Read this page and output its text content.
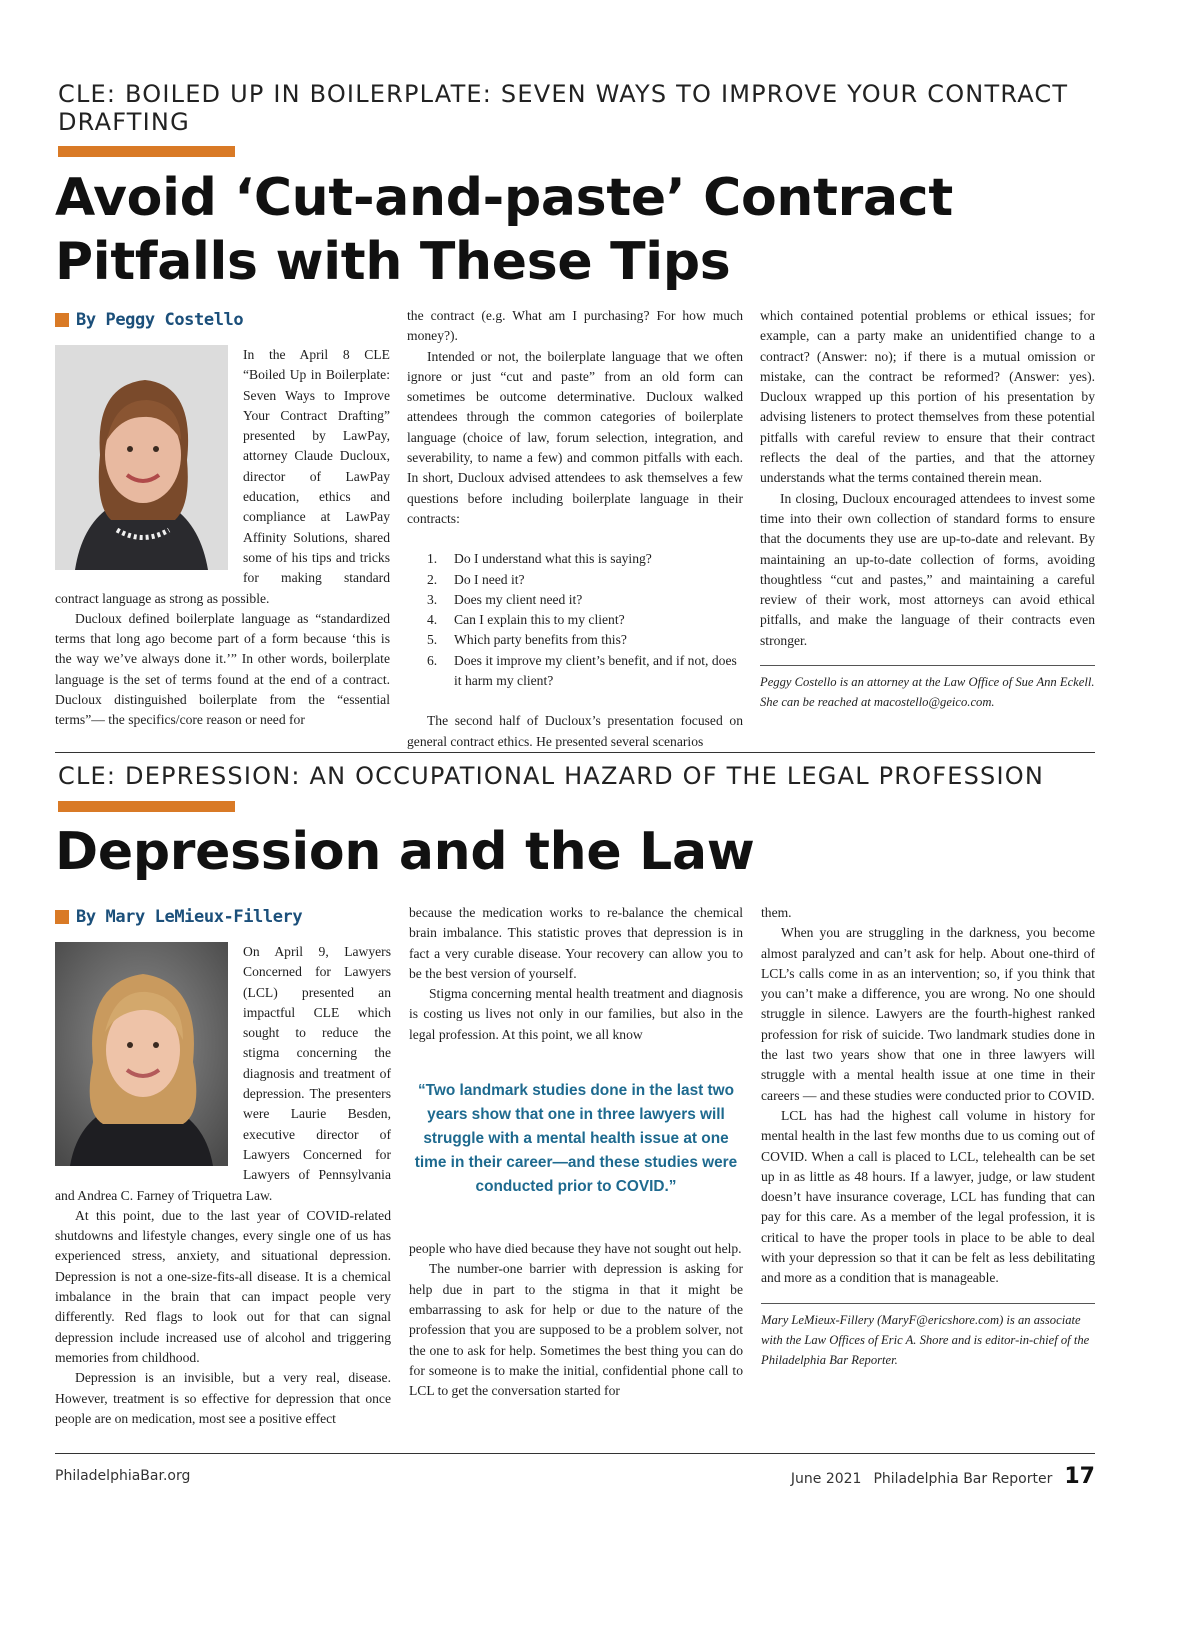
CLE: BOILED UP IN BOILERPLATE: SEVEN WAYS TO IMPROVE YOUR CONTRACT DRAFTING
Avoid ‘Cut-and-paste’ Contract Pitfalls with These Tips
By Peggy Costello

In the April 8 CLE “Boiled Up in Boilerplate: Seven Ways to Improve Your Contract Drafting” presented by LawPay, attorney Claude Ducloux, director of LawPay education, ethics and compliance at LawPay Affinity Solutions, shared some of his tips and tricks for making standard contract language as strong as possible.

Ducloux defined boilerplate language as “standardized terms that long ago become part of a form because ‘this is the way we’ve always done it.’” In other words, boilerplate language is the set of terms found at the end of a contract. Ducloux distinguished boilerplate from the “essential terms”— the specifics/core reason or need for

the contract (e.g. What am I purchasing? For how much money?).

Intended or not, the boilerplate language that we often ignore or just “cut and paste” from an old form can sometimes be outcome determinative. Ducloux walked attendees through the common categories of boilerplate language (choice of law, forum selection, integration, and severability, to name a few) and common pitfalls with each. In short, Ducloux advised attendees to ask themselves a few questions before including boilerplate language in their contracts:

1.	Do I understand what this is saying?
2.	Do I need it?
3.	Does my client need it?
4.	Can I explain this to my client?
5.	Which party benefits from this?
6.	Does it improve my client’s benefit, and if not, does it harm my client?

The second half of Ducloux’s presentation focused on general contract ethics. He presented several scenarios

which contained potential problems or ethical issues; for example, can a party make an unidentified change to a contract? (Answer: no); if there is a mutual omission or mistake, can the contract be reformed? (Answer: yes). Ducloux wrapped up this portion of his presentation by advising listeners to protect themselves from these potential pitfalls with careful review to ensure that their contract reflects the deal of the parties, and that the attorney understands what the terms contained therein mean.

In closing, Ducloux encouraged attendees to invest some time into their own collection of standard forms to ensure that the documents they use are up-to-date and relevant. By maintaining an up-to-date collection of forms, avoiding thoughtless “cut and pastes,” and maintaining a careful review of their work, most attorneys can avoid ethical pitfalls, and make the language of their contracts even stronger.

Peggy Costello is an attorney at the Law Office of Sue Ann Eckell. She can be reached at macostello@geico.com.
CLE: DEPRESSION: AN OCCUPATIONAL HAZARD OF THE LEGAL PROFESSION
Depression and the Law
By Mary LeMieux-Fillery

On April 9, Lawyers Concerned for Lawyers (LCL) presented an impactful CLE which sought to reduce the stigma concerning the diagnosis and treatment of depression. The presenters were Laurie Besden, executive director of Lawyers Concerned for Lawyers of Pennsylvania and Andrea C. Farney of Triquetra Law.

At this point, due to the last year of COVID-related shutdowns and lifestyle changes, every single one of us has experienced stress, anxiety, and situational depression. Depression is not a one-size-fits-all disease. It is a chemical imbalance in the brain that can impact people very differently. Red flags to look out for that can signal depression include increased use of alcohol and triggering memories from childhood.

Depression is an invisible, but a very real, disease. However, treatment is so effective for depression that once people are on medication, most see a positive effect

because the medication works to re-balance the chemical brain imbalance. This statistic proves that depression is in fact a very curable disease. Your recovery can allow you to be the best version of yourself.

Stigma concerning mental health treatment and diagnosis is costing us lives not only in our families, but also in the legal profession. At this point, we all know

“Two landmark studies done in the last two years show that one in three lawyers will struggle with a mental health issue at one time in their career—and these studies were conducted prior to COVID.”

people who have died because they have not sought out help.

The number-one barrier with depression is asking for help due in part to the stigma in that it might be embarrassing to ask for help or due to the nature of the profession that you are supposed to be a problem solver, not the one to ask for help. Sometimes the best thing you can do for someone is to make the initial, confidential phone call to LCL to get the conversation started for

them.

When you are struggling in the darkness, you become almost paralyzed and can’t ask for help. About one-third of LCL’s calls come in as an intervention; so, if you think that you can’t make a difference, you are wrong. No one should struggle in silence. Lawyers are the fourth-highest ranked profession for risk of suicide. Two landmark studies done in the last two years show that one in three lawyers will struggle with a mental health issue at one time in their careers — and these studies were conducted prior to COVID.

LCL has had the highest call volume in history for mental health in the last few months due to us coming out of COVID. When a call is placed to LCL, telehealth can be set up in as little as 48 hours. If a lawyer, judge, or law student doesn’t have insurance coverage, LCL has funding that can pay for this care. As a member of the legal profession, it is critical to have the proper tools in place to be able to deal with your depression so that it can be felt as less debilitating and more as a condition that is manageable.

Mary LeMieux-Fillery (MaryF@ericshore.com) is an associate with the Law Offices of Eric A. Shore and is editor-in-chief of the Philadelphia Bar Reporter.
PhiladelphiaBar.org	June 2021 Philadelphia Bar Reporter 17
